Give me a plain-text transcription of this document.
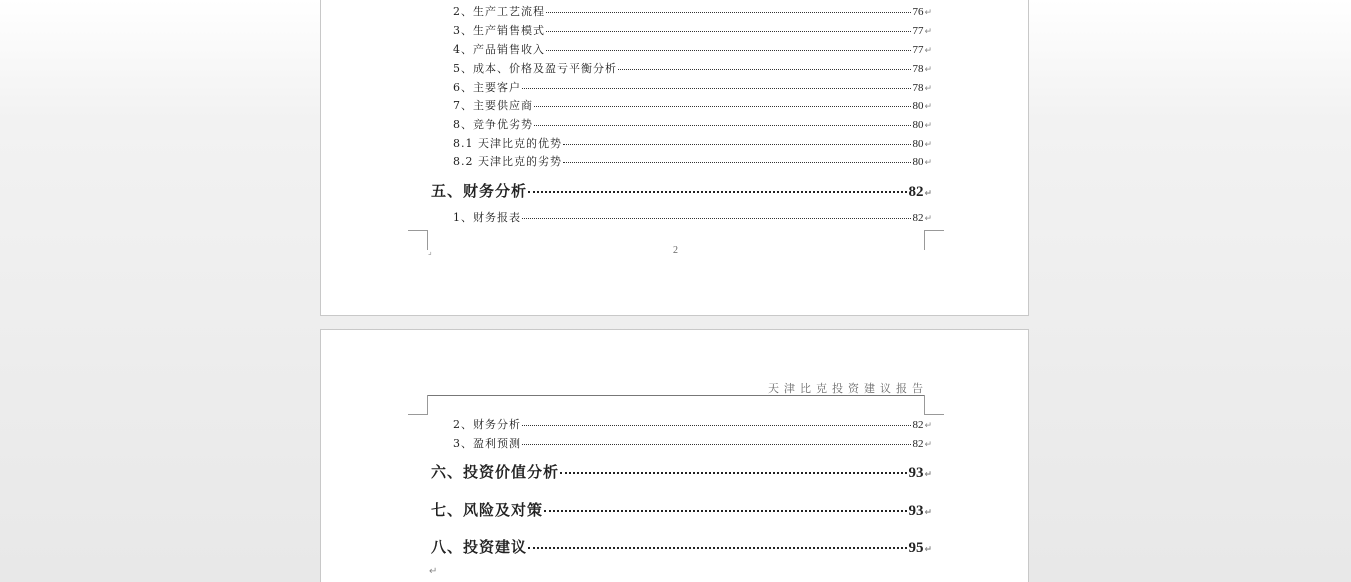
2、生产工艺流程	76 ↵
3、生产销售模式	77 ↵
4、产品销售收入	77 ↵
5、成本、价格及盈亏平衡分析	78 ↵
6、主要客户	78 ↵
7、主要供应商	80 ↵
8、竞争优劣势	80 ↵
8.1 天津比克的优势	80 ↵
8.2 天津比克的劣势	80 ↵
五、财务分析	82 ↵
1、财务报表	82 ↵
⌟	2
天津比克投资建议报告
2、财务分析	82 ↵
3、盈利预测	82 ↵
六、投资价值分析	93 ↵
七、风险及对策	93 ↵
八、投资建议	95 ↵
↵
